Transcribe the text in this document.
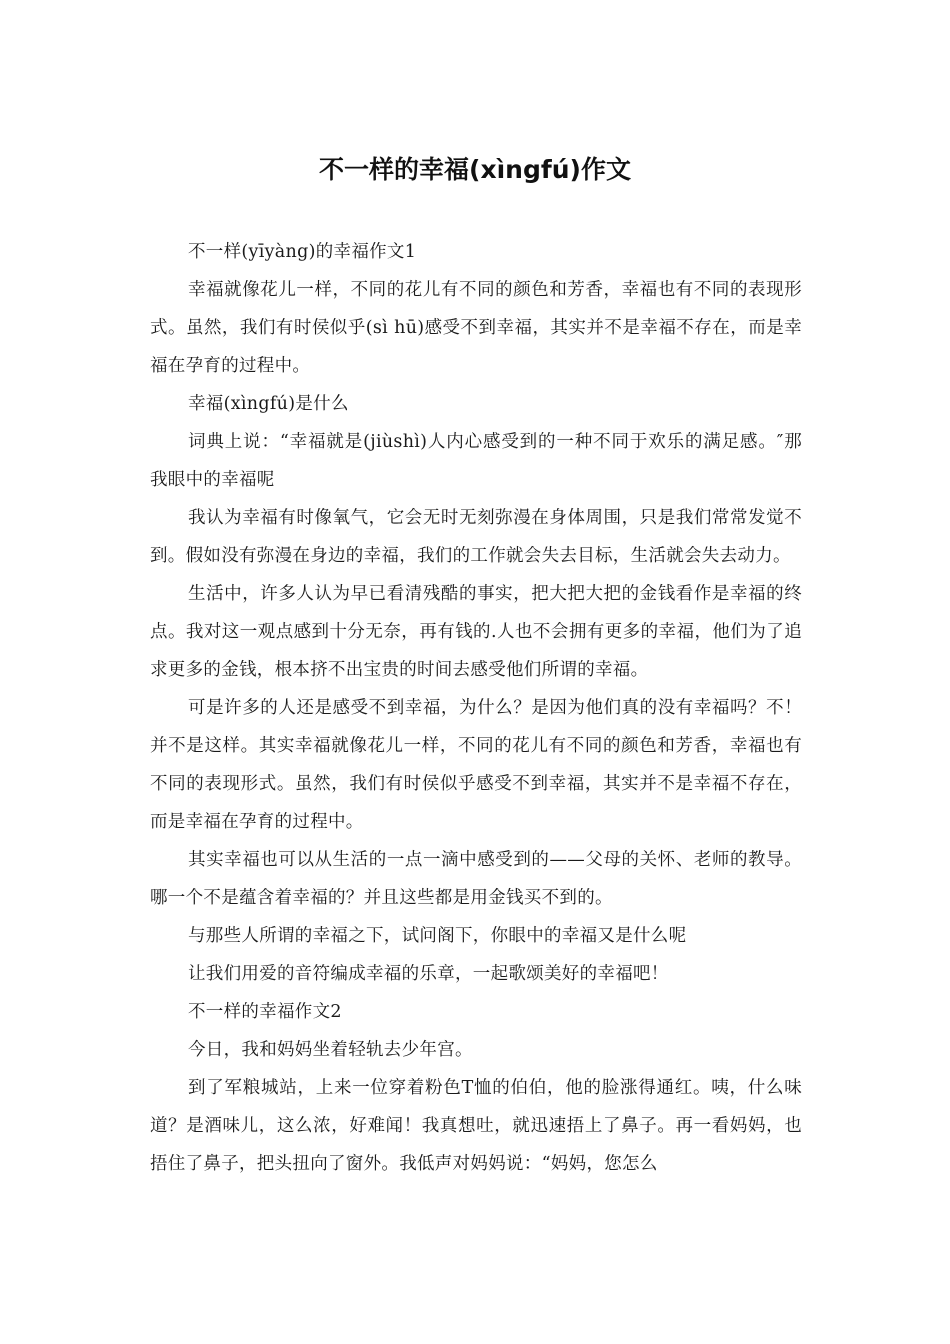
不一样的幸福(xìngfú)作文

不一样(yīyàng)的幸福作文1

幸福就像花儿一样，不同的花儿有不同的颜色和芳香，幸福也有不同的表现形式。虽然，我们有时侯似乎(sì hū)感受不到幸福，其实并不是幸福不存在，而是幸福在孕育的过程中。

幸福(xìngfú)是什么

词典上说：“幸福就是(jiùshì)人内心感受到的一种不同于欢乐的满足感。″那我眼中的幸福呢

我认为幸福有时像氧气，它会无时无刻弥漫在身体周围，只是我们常常发觉不到。假如没有弥漫在身边的幸福，我们的工作就会失去目标，生活就会失去动力。

生活中，许多人认为早已看清残酷的事实，把大把大把的金钱看作是幸福的终点。我对这一观点感到十分无奈，再有钱的.人也不会拥有更多的幸福，他们为了追求更多的金钱，根本挤不出宝贵的时间去感受他们所谓的幸福。

可是许多的人还是感受不到幸福，为什么？是因为他们真的没有幸福吗？不！并不是这样。其实幸福就像花儿一样，不同的花儿有不同的颜色和芳香，幸福也有不同的表现形式。虽然，我们有时侯似乎感受不到幸福，其实并不是幸福不存在，而是幸福在孕育的过程中。

其实幸福也可以从生活的一点一滴中感受到的——父母的关怀、老师的教导。哪一个不是蕴含着幸福的？并且这些都是用金钱买不到的。

与那些人所谓的幸福之下，试问阁下，你眼中的幸福又是什么呢

让我们用爱的音符编成幸福的乐章，一起歌颂美好的幸福吧！

不一样的幸福作文2

今日，我和妈妈坐着轻轨去少年宫。

到了军粮城站，上来一位穿着粉色T恤的伯伯，他的脸涨得通红。咦，什么味道？是酒味儿，这么浓，好难闻！我真想吐，就迅速捂上了鼻子。再一看妈妈，也捂住了鼻子，把头扭向了窗外。我低声对妈妈说：“妈妈，您怎么
